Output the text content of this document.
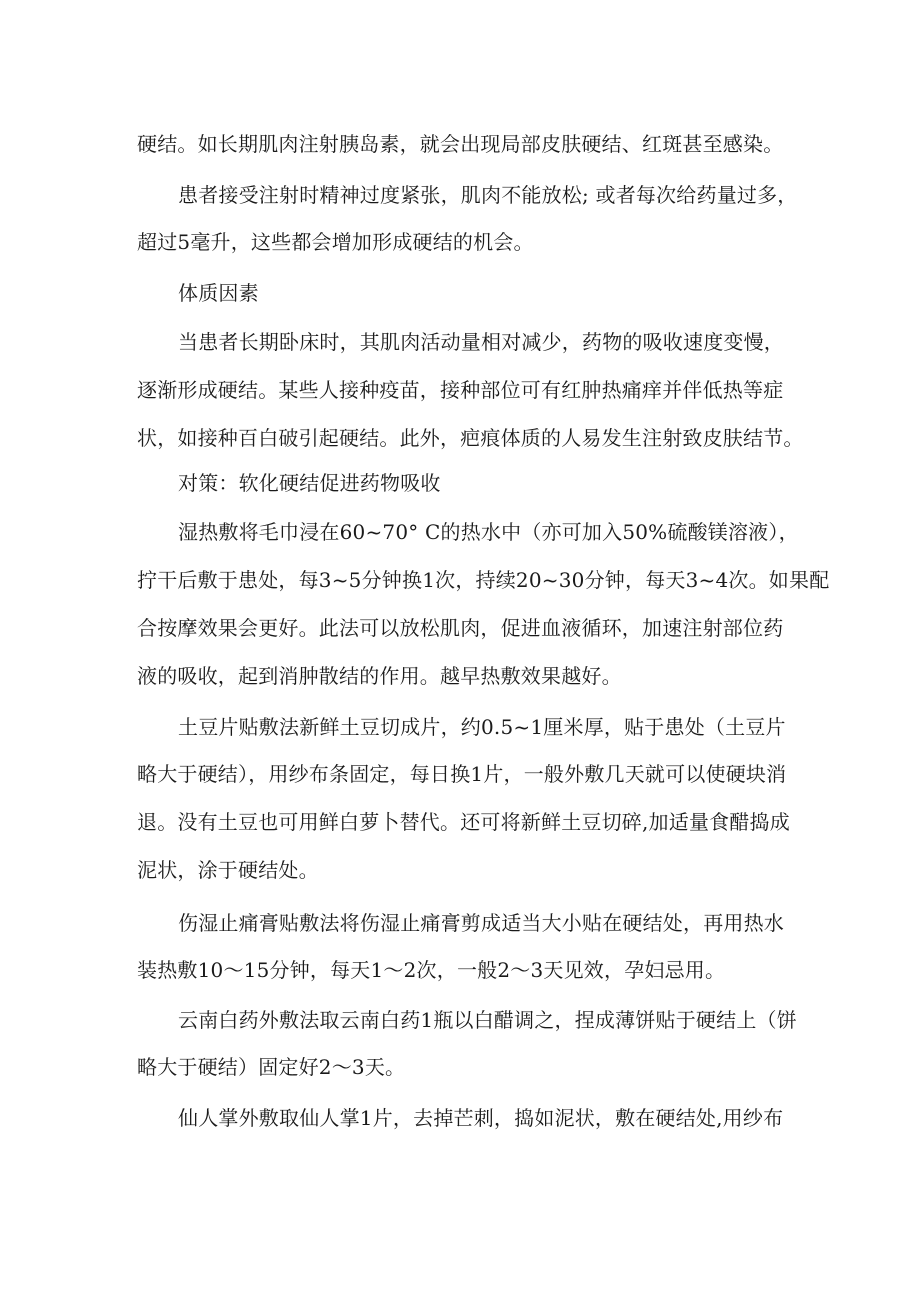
硬结。如长期肌肉注射胰岛素，就会出现局部皮肤硬结、红斑甚至感染。
患者接受注射时精神过度紧张，肌肉不能放松; 或者每次给药量过多，
超过5毫升，这些都会增加形成硬结的机会。
体质因素
当患者长期卧床时，其肌肉活动量相对减少，药物的吸收速度变慢，
逐渐形成硬结。某些人接种疫苗，接种部位可有红肿热痛痒并伴低热等症
状，如接种百白破引起硬结。此外，疤痕体质的人易发生注射致皮肤结节。
对策：软化硬结促进药物吸收
湿热敷将毛巾浸在60~70° C的热水中（亦可加入50%硫酸镁溶液），
拧干后敷于患处，每3~5分钟换1次，持续20~30分钟，每天3~4次。如果配
合按摩效果会更好。此法可以放松肌肉，促进血液循环，加速注射部位药
液的吸收，起到消肿散结的作用。越早热敷效果越好。
土豆片贴敷法新鲜土豆切成片，约0.5~1厘米厚，贴于患处（土豆片
略大于硬结），用纱布条固定，每日换1片，一般外敷几天就可以使硬块消
退。没有土豆也可用鲜白萝卜替代。还可将新鲜土豆切碎,加适量食醋捣成
泥状，涂于硬结处。
伤湿止痛膏贴敷法将伤湿止痛膏剪成适当大小贴在硬结处，再用热水
装热敷10～15分钟，每天1～2次，一般2～3天见效，孕妇忌用。
云南白药外敷法取云南白药1瓶以白醋调之，捏成薄饼贴于硬结上（饼
略大于硬结）固定好2～3天。
仙人掌外敷取仙人掌1片，去掉芒刺，捣如泥状，敷在硬结处,用纱布
